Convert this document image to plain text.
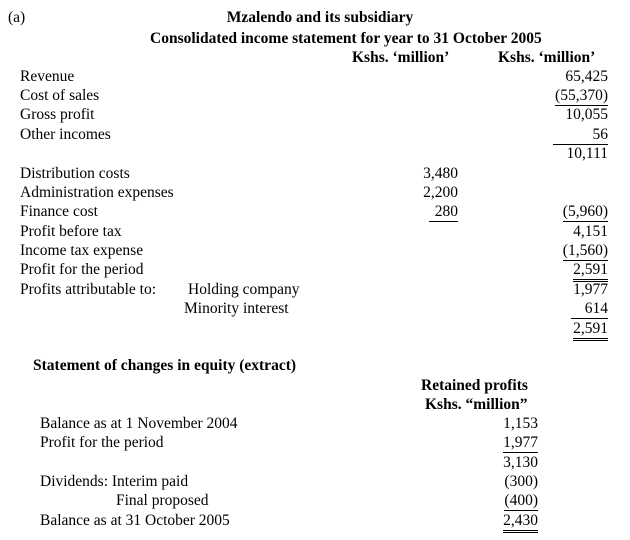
(a)	Mzalendo and its subsidiary
Consolidated income statement for year to 31 October 2005
Kshs. ‘million’	Kshs. ‘million’
Revenue
Cost of sales
Gross profit
Other incomes
Distribution costs
Administration expenses
Finance cost
Profit before tax
Income tax expense
Profit for the period
Profits attributable to: Holding company
Minority interest
3,480
2,200
280
65,425
(55,370)
10,055
56
10,111
(5,960)
4,151
(1,560)
2,591
1,977
614
2,591
Statement of changes in equity (extract)
Retained profits
Kshs. “million”
Balance as at 1 November 2004
Profit for the period
Dividends: Interim paid
Final proposed
Balance as at 31 October 2005
1,153
1,977
3,130
(300)
(400)
2,430
